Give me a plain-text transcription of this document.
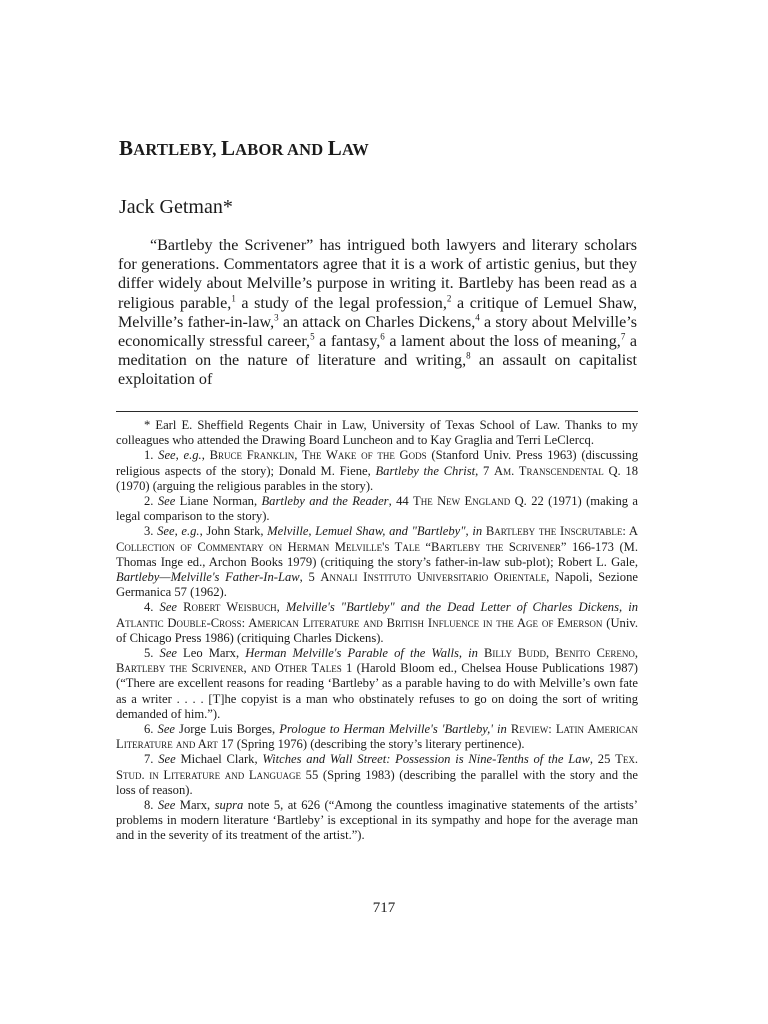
BARTLEBY, LABOR AND LAW
Jack Getman*

“Bartleby the Scrivener” has intrigued both lawyers and literary scholars for generations. Commentators agree that it is a work of artistic genius, but they differ widely about Melville’s purpose in writing it. Bartleby has been read as a religious parable,$^1$ a study of the legal profession,$^2$ a critique of Lemuel Shaw, Melville’s father-in-law,$^3$ an attack on Charles Dickens,$^4$ a story about Melville’s economically stressful career,$^5$ a fantasy,$^6$ a lament about the loss of meaning,$^7$ a meditation on the nature of literature and writing,$^8$ an assault on capitalist exploitation of

* Earl E. Sheffield Regents Chair in Law, University of Texas School of Law. Thanks to my colleagues who attended the Drawing Board Luncheon and to Kay Graglia and Terri LeClercq.

1. See, e.g., Bruce Franklin, The Wake of the Gods (Stanford Univ. Press 1963) (discussing religious aspects of the story); Donald M. Fiene, Bartleby the Christ, 7 Am. Transcendental Q. 18 (1970) (arguing the religious parables in the story).

2. See Liane Norman, Bartleby and the Reader, 44 The New England Q. 22 (1971) (making a legal comparison to the story).

3. See, e.g., John Stark, Melville, Lemuel Shaw, and "Bartleby", in Bartleby the Inscrutable: A Collection of Commentary on Herman Melville's Tale “Bartleby the Scrivener” 166-173 (M. Thomas Inge ed., Archon Books 1979) (critiquing the story’s father-in-law sub-plot); Robert L. Gale, Bartleby—Melville's Father-In-Law, 5 Annali Instituto Universitario Orientale, Napoli, Sezione Germanica 57 (1962).

4. See Robert Weisbuch, Melville's "Bartleby" and the Dead Letter of Charles Dickens, in Atlantic Double-Cross: American Literature and British Influence in the Age of Emerson (Univ. of Chicago Press 1986) (critiquing Charles Dickens).

5. See Leo Marx, Herman Melville's Parable of the Walls, in Billy Budd, Benito Cereno, Bartleby the Scrivener, and Other Tales 1 (Harold Bloom ed., Chelsea House Publications 1987) (“There are excellent reasons for reading ‘Bartleby’ as a parable having to do with Melville’s own fate as a writer . . . . [T]he copyist is a man who obstinately refuses to go on doing the sort of writing demanded of him.”).

6. See Jorge Luis Borges, Prologue to Herman Melville's 'Bartleby,' in Review: Latin American Literature and Art 17 (Spring 1976) (describing the story’s literary pertinence).

7. See Michael Clark, Witches and Wall Street: Possession is Nine-Tenths of the Law, 25 Tex. Stud. in Literature and Language 55 (Spring 1983) (describing the parallel with the story and the loss of reason).

8. See Marx, supra note 5, at 626 (“Among the countless imaginative statements of the artists’ problems in modern literature ‘Bartleby’ is exceptional in its sympathy and hope for the average man and in the severity of its treatment of the artist.”).

717
